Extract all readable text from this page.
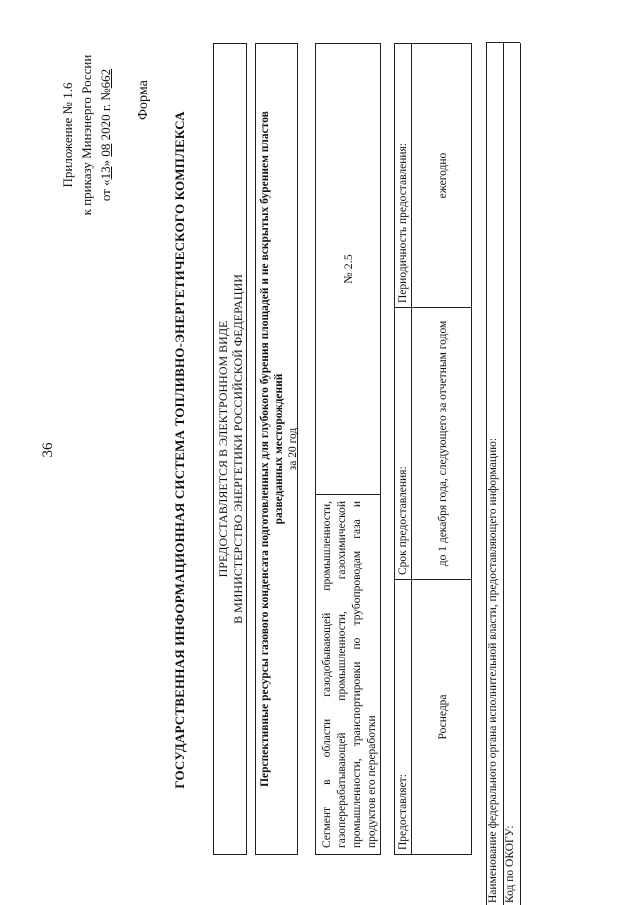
36
Приложение № 1.6 к приказу Минэнерго России от «13» 08 2020 г. №662
Форма
ГОСУДАРСТВЕННАЯ ИНФОРМАЦИОННАЯ СИСТЕМА ТОПЛИВНО-ЭНЕРГЕТИЧЕСКОГО КОМПЛЕКСА ПРЕДОСТАВЛЯЕТСЯ В ЭЛЕКТРОННОМ ВИДЕ В МИНИСТЕРСТВО ЭНЕРГЕТИКИ РОССИЙСКОЙ ФЕДЕРАЦИИ Перспективные ресурсы газового конденсата подготовленных для глубокого бурения площадей и не вскрытых бурением пластов разведанных месторождений за 20 год
Сегмент в области газодобывающей промышленности, газоперерабатывающей промышленности, газохимической промышленности, транспортировки по трубопроводам газа и продуктов его переработки
№ 2.5
Предоставляет:
Роснедра
Срок предоставления:	до 1 декабря года, следующего за отчетным годом
Периодичность предоставления:	ежегодно
Наименование федерального органа исполнительной власти, предоставляющего информацию: Код по ОКОГУ:
